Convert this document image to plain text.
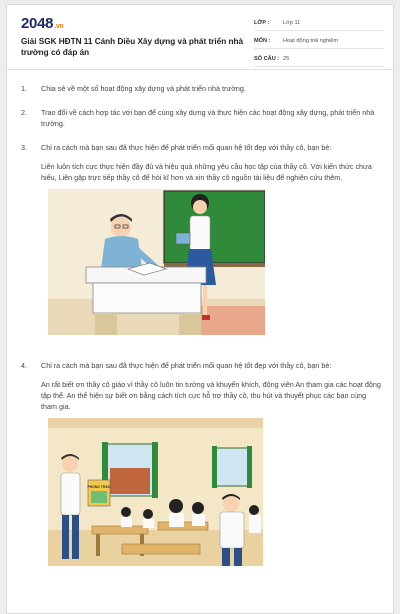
2048.vn
Giải SGK HĐTN 11 Cánh Diều Xây dựng và phát triển nhà trường có đáp án
LỚP :	Lớp 11
MÔN :	Hoạt động trải nghiệm
SỐ CÂU : 25
1.	Chia sẻ về một số hoạt động xây dựng và phát triển nhà trường.
2.	Trao đổi về cách hợp tác với bạn để cùng xây dựng và thực hiện các hoạt động xây dựng, phát triển nhà trường.
3.	Chỉ ra cách mà bạn sau đã thực hiện để phát triển mối quan hệ tốt đẹp với thầy cô, bạn bè:
Liên luôn tích cực thực hiện đầy đủ và hiệu quả những yêu cầu học tập của thầy cô. Với kiến thức chưa hiểu, Liên gặp trực tiếp thầy cô để hỏi kĩ hơn và xin thầy cô nguồn tài liệu để nghiên cứu thêm.
4.	Chỉ ra cách mà bạn sau đã thực hiện để phát triển mối quan hệ tốt đẹp với thầy cô, bạn bè:
An rất biết ơn thầy cô giáo vì thầy cô luôn tin tưởng và khuyến khích, động viên An tham gia các hoạt động tập thể. An thể hiện sự biết ơn bằng cách tích cực hỗ trợ thầy cô, thu hút và thuyết phục các bạn cùng tham gia.
PHONG TRÀO
